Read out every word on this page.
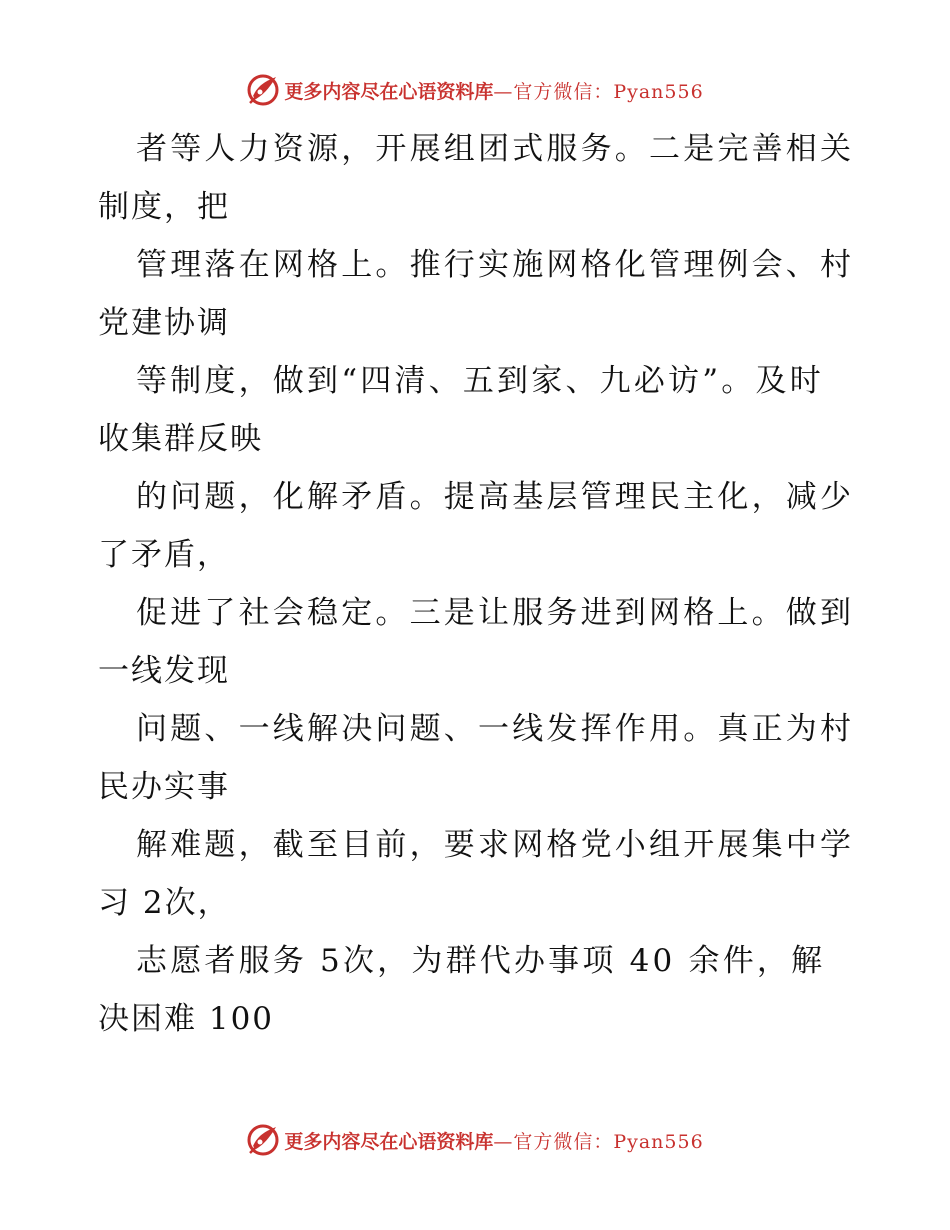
更多内容尽在心语资料库 —官方微信：Pyan556
者等人力资源，开展组团式服务。二是完善相关
制度，把
管理落在网格上。推行实施网格化管理例会、村
党建协调
等制度，做到“四清、五到家、九必访”。及时
收集群反映
的问题，化解矛盾。提高基层管理民主化，减少
了矛盾，
促进了社会稳定。三是让服务进到网格上。做到
一线发现
问题、一线解决问题、一线发挥作用。真正为村
民办实事
解难题，截至目前，要求网格党小组开展集中学
习 2次，
志愿者服务 5次，为群代办事项 40 余件，解
决困难 100
更多内容尽在心语资料库 —官方微信：Pyan556
